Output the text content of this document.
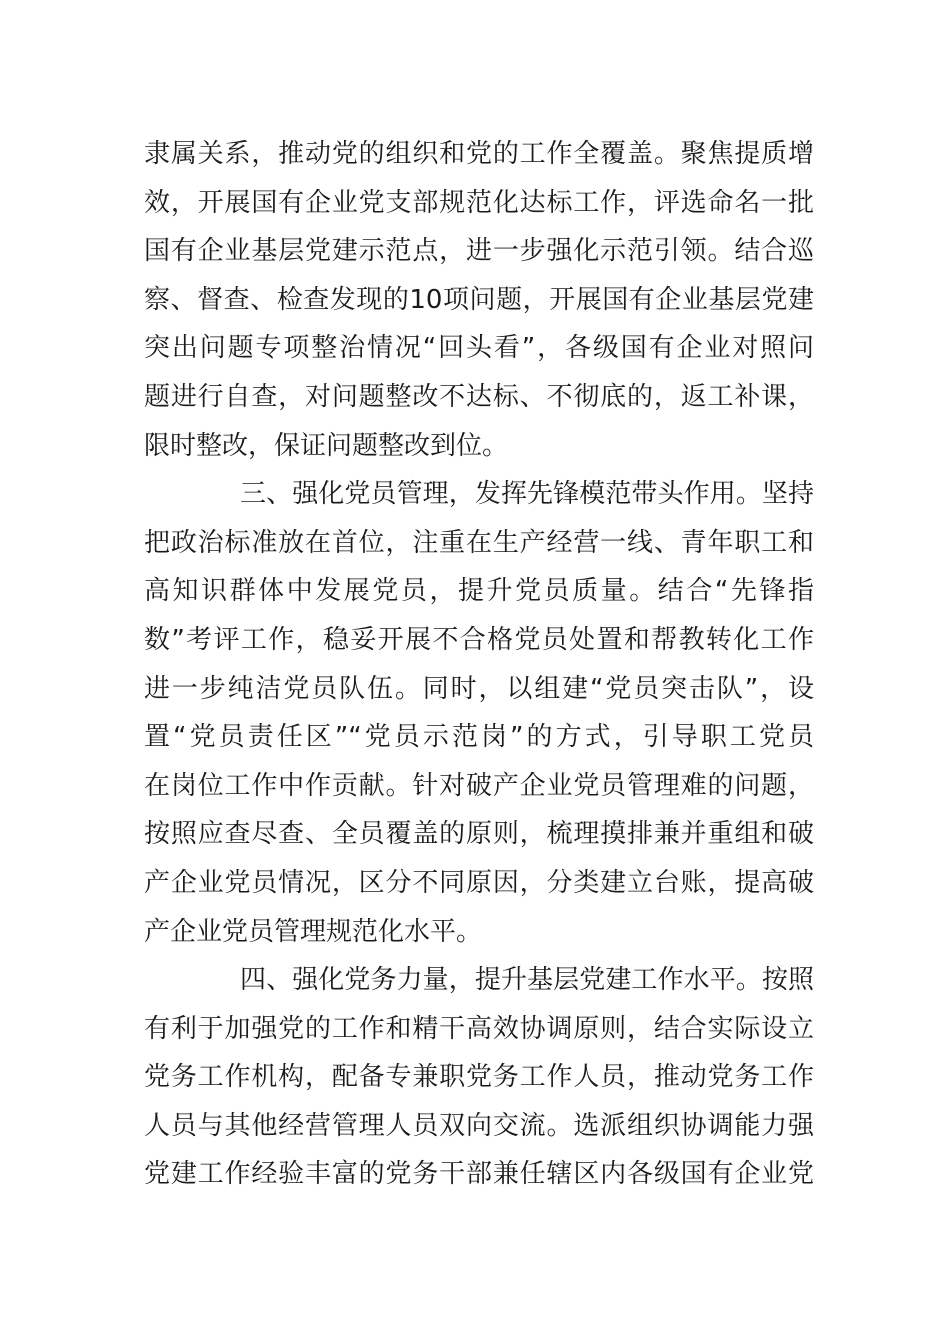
隶属关系，推动党的组织和党的工作全覆盖。聚焦提质增
效，开展国有企业党支部规范化达标工作，评选命名一批
国有企业基层党建示范点，进一步强化示范引领。结合巡
察、督查、检查发现的10项问题，开展国有企业基层党建
突出问题专项整治情况“回头看”，各级国有企业对照问
题进行自查，对问题整改不达标、不彻底的，返工补课，
限时整改，保证问题整改到位。
三、强化党员管理，发挥先锋模范带头作用。坚持
把政治标准放在首位，注重在生产经营一线、青年职工和
高知识群体中发展党员，提升党员质量。结合“先锋指
数”考评工作，稳妥开展不合格党员处置和帮教转化工作
进一步纯洁党员队伍。同时，以组建“党员突击队”，设
置“党员责任区”“党员示范岗”的方式，引导职工党员
在岗位工作中作贡献。针对破产企业党员管理难的问题，
按照应查尽查、全员覆盖的原则，梳理摸排兼并重组和破
产企业党员情况，区分不同原因，分类建立台账，提高破
产企业党员管理规范化水平。
四、强化党务力量，提升基层党建工作水平。按照
有利于加强党的工作和精干高效协调原则，结合实际设立
党务工作机构，配备专兼职党务工作人员，推动党务工作
人员与其他经营管理人员双向交流。选派组织协调能力强
党建工作经验丰富的党务干部兼任辖区内各级国有企业党
